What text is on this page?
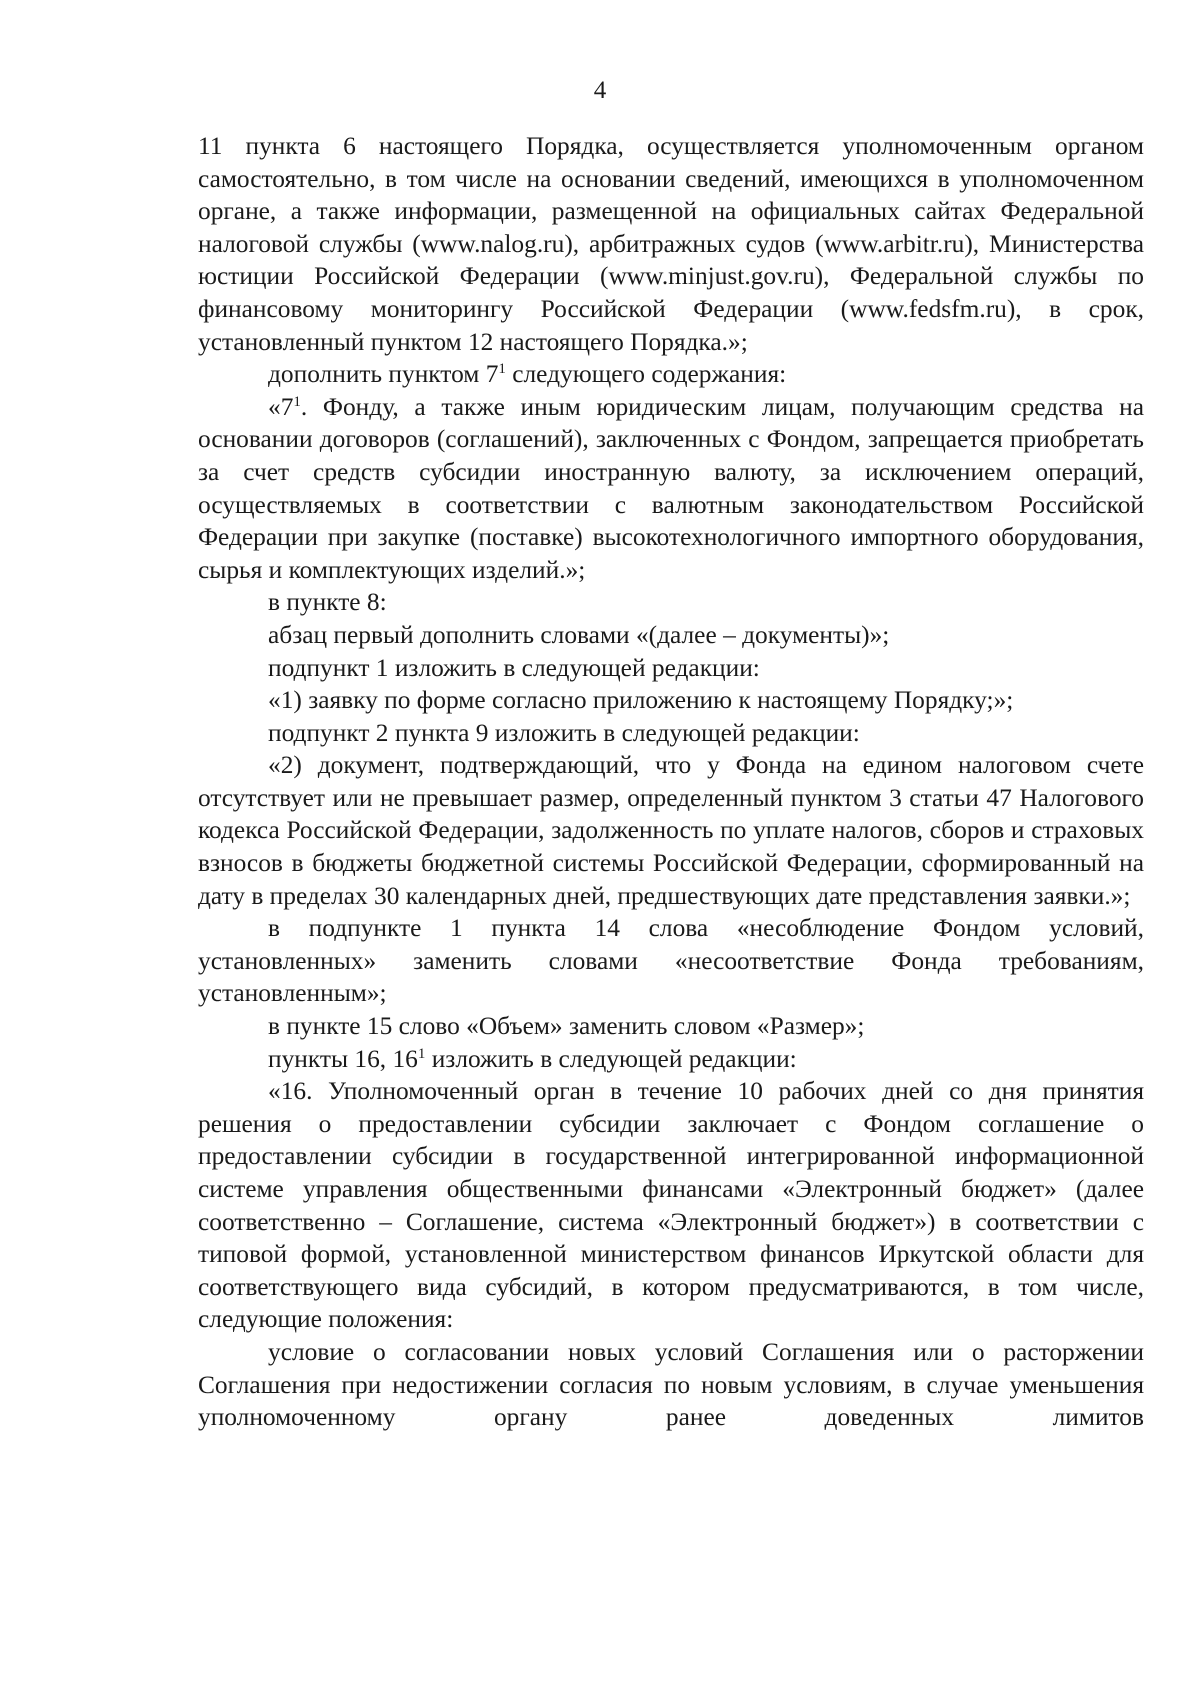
4

11 пункта 6 настоящего Порядка, осуществляется уполномоченным органом самостоятельно, в том числе на основании сведений, имеющихся в уполномоченном органе, а также информации, размещенной на официальных сайтах Федеральной налоговой службы (www.nalog.ru), арбитражных судов (www.arbitr.ru), Министерства юстиции Российской Федерации (www.minjust.gov.ru), Федеральной службы по финансовому мониторингу Российской Федерации (www.fedsfm.ru), в срок, установленный пунктом 12 настоящего Порядка.»;

дополнить пунктом $7^1$ следующего содержания:

«$7^1$. Фонду, а также иным юридическим лицам, получающим средства на основании договоров (соглашений), заключенных с Фондом, запрещается приобретать за счет средств субсидии иностранную валюту, за исключением операций, осуществляемых в соответствии с валютным законодательством Российской Федерации при закупке (поставке) высокотехнологичного импортного оборудования, сырья и комплектующих изделий.»;

в пункте 8:

абзац первый дополнить словами «(далее – документы)»;

подпункт 1 изложить в следующей редакции:

«1) заявку по форме согласно приложению к настоящему Порядку;»;

подпункт 2 пункта 9 изложить в следующей редакции:

«2) документ, подтверждающий, что у Фонда на едином налоговом счете отсутствует или не превышает размер, определенный пунктом 3 статьи 47 Налогового кодекса Российской Федерации, задолженность по уплате налогов, сборов и страховых взносов в бюджеты бюджетной системы Российской Федерации, сформированный на дату в пределах 30 календарных дней, предшествующих дате представления заявки.»;

в подпункте 1 пункта 14 слова «несоблюдение Фондом условий, установленных» заменить словами «несоответствие Фонда требованиям, установленным»;

в пункте 15 слово «Объем» заменить словом «Размер»;

пункты 16, $16^1$ изложить в следующей редакции:

«16. Уполномоченный орган в течение 10 рабочих дней со дня принятия решения о предоставлении субсидии заключает с Фондом соглашение о предоставлении субсидии в государственной интегрированной информационной системе управления общественными финансами «Электронный бюджет» (далее соответственно – Соглашение, система «Электронный бюджет») в соответствии с типовой формой, установленной министерством финансов Иркутской области для соответствующего вида субсидий, в котором предусматриваются, в том числе, следующие положения:

условие о согласовании новых условий Соглашения или о расторжении Соглашения при недостижении согласия по новым условиям, в случае уменьшения уполномоченному органу ранее доведенных лимитов
